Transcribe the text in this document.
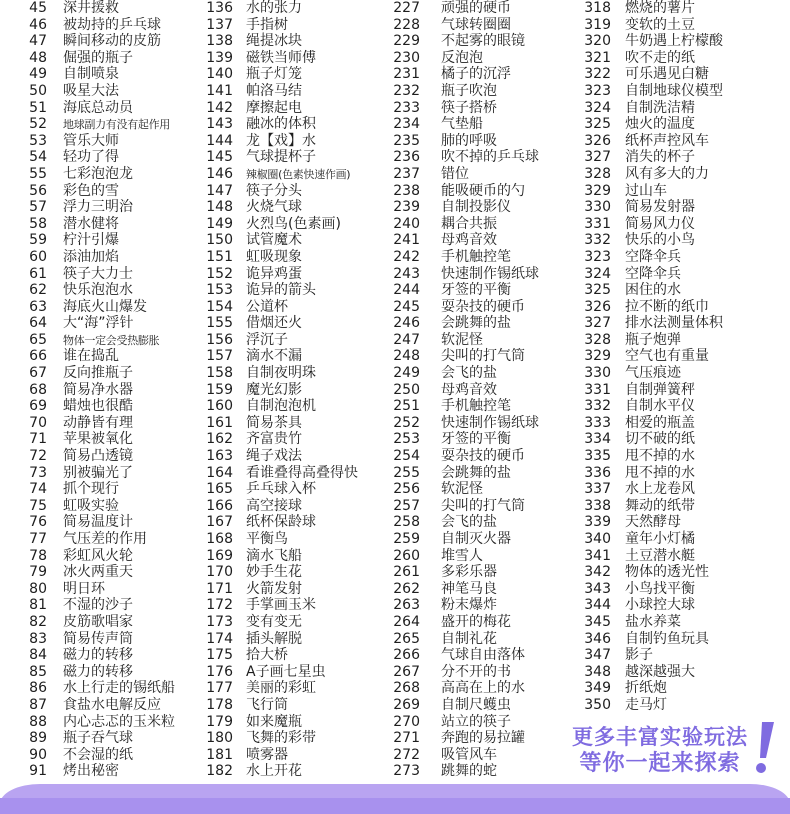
45 深井援救
46 被劫持的乒乓球
47 瞬间移动的皮筋
48 倔强的瓶子
49 自制喷泉
50 吸星大法
51 海底总动员
52 地球副力有没有起作用
53 管乐大师
54 轻功了得
55 七彩泡泡龙
56 彩色的雪
57 浮力三明治
58 潜水健将
59 柠汁引爆
60 添油加焰
61 筷子大力士
62 快乐泡泡水
63 海底火山爆发
64 大“海”浮针
65 物体一定会受热膨胀
66 谁在捣乱
67 反向推瓶子
68 简易净水器
69 蜡烛也很酷
70 动静皆有理
71 苹果被氧化
72 简易凸透镜
73 别被骗光了
74 抓个现行
75 虹吸实验
76 简易温度计
77 气压差的作用
78 彩虹风火轮
79 冰火两重天
80 明日环
81 不湿的沙子
82 皮筋歌唱家
83 简易传声筒
84 磁力的转移
85 磁力的转移
86 水上行走的锡纸船
87 食盐水电解反应
88 内心忐忑的玉米粒
89 瓶子吞气球
90 不会湿的纸
91 烤出秘密
136 水的张力
137 手指树
138 绳提冰块
139 磁铁当师傅
140 瓶子灯笼
141 帕洛马结
142 摩擦起电
143 融冰的体积
144 龙【戏】水
145 气球提杯子
146 辣椒圈(色素快速作画)
147 筷子分头
148 火烧气球
149 火烈鸟(色素画)
150 试管魔术
151 虹吸现象
152 诡异鸡蛋
153 诡异的箭头
154 公道杯
155 借烟还火
156 浮沉子
157 滴水不漏
158 自制夜明珠
159 魔光幻影
160 自制泡泡机
161 简易茶具
162 齐富贵竹
163 绳子戏法
164 看谁叠得高叠得快
165 乒乓球入杯
166 高空接球
167 纸杯保龄球
168 平衡鸟
169 滴水飞船
170 妙手生花
171 火箭发射
172 手掌画玉米
173 变有变无
174 插头解脱
175 拾大桥
176 A子画七星虫
177 美丽的彩虹
178 飞行筒
179 如来魔瓶
180 飞舞的彩带
181 喷雾器
182 水上开花
227 顽强的硬币
228 气球转圈圈
229 不起雾的眼镜
230 反泡泡
231 橘子的沉浮
232 瓶子吹泡
233 筷子搭桥
234 气垫船
235 肺的呼吸
236 吹不掉的乒乓球
237 错位
238 能吸硬币的勺
239 自制投影仪
240 耦合共振
241 母鸡音效
242 手机触控笔
243 快速制作锡纸球
244 牙签的平衡
245 耍杂技的硬币
246 会跳舞的盐
247 软泥怪
248 尖叫的打气筒
249 会飞的盐
250 母鸡音效
251 手机触控笔
252 快速制作锡纸球
253 牙签的平衡
254 耍杂技的硬币
255 会跳舞的盐
256 软泥怪
257 尖叫的打气筒
258 会飞的盐
259 自制灭火器
260 堆雪人
261 多彩乐器
262 神笔马良
263 粉末爆炸
264 盛开的梅花
265 自制礼花
266 气球自由落体
267 分不开的书
268 高高在上的水
269 自制尺蠖虫
270 站立的筷子
271 奔跑的易拉罐
272 吸管风车
273 跳舞的蛇
318 燃烧的薯片
319 变软的土豆
320 牛奶遇上柠檬酸
321 吹不走的纸
322 可乐遇见白糖
323 自制地球仪模型
324 自制洗洁精
325 烛火的温度
326 纸杯声控风车
327 消失的杯子
328 风有多大的力
329 过山车
330 简易发射器
331 简易风力仪
332 快乐的小鸟
323 空降伞兵
324 空降伞兵
325 困住的水
326 拉不断的纸巾
327 排水法测量体积
328 瓶子炮弹
329 空气也有重量
330 气压痕迹
331 自制弹簧秤
332 自制水平仪
333 相爱的瓶盖
334 切不破的纸
335 甩不掉的水
336 甩不掉的水
337 水上龙卷风
338 舞动的纸带
339 天然酵母
340 童年小灯橘
341 土豆潜水艇
342 物体的透光性
343 小鸟找平衡
344 小球控大球
345 盐水养菜
346 自制钓鱼玩具
347 影子
348 越深越强大
349 折纸炮
350 走马灯
更多丰富实验玩法
等你一起来探索
